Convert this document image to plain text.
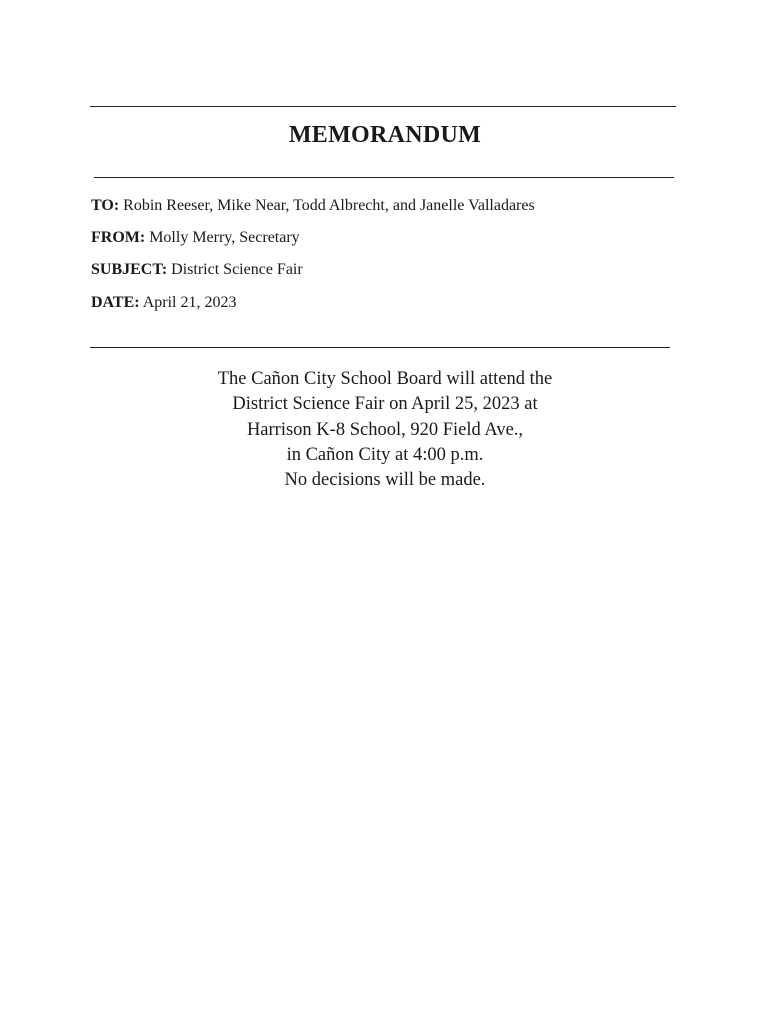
MEMORANDUM
TO: Robin Reeser, Mike Near, Todd Albrecht, and Janelle Valladares
FROM: Molly Merry, Secretary
SUBJECT: District Science Fair
DATE: April 21, 2023
The Cañon City School Board will attend the
District Science Fair on April 25, 2023 at
Harrison K-8 School, 920 Field Ave.,
in Cañon City at 4:00 p.m.
No decisions will be made.
